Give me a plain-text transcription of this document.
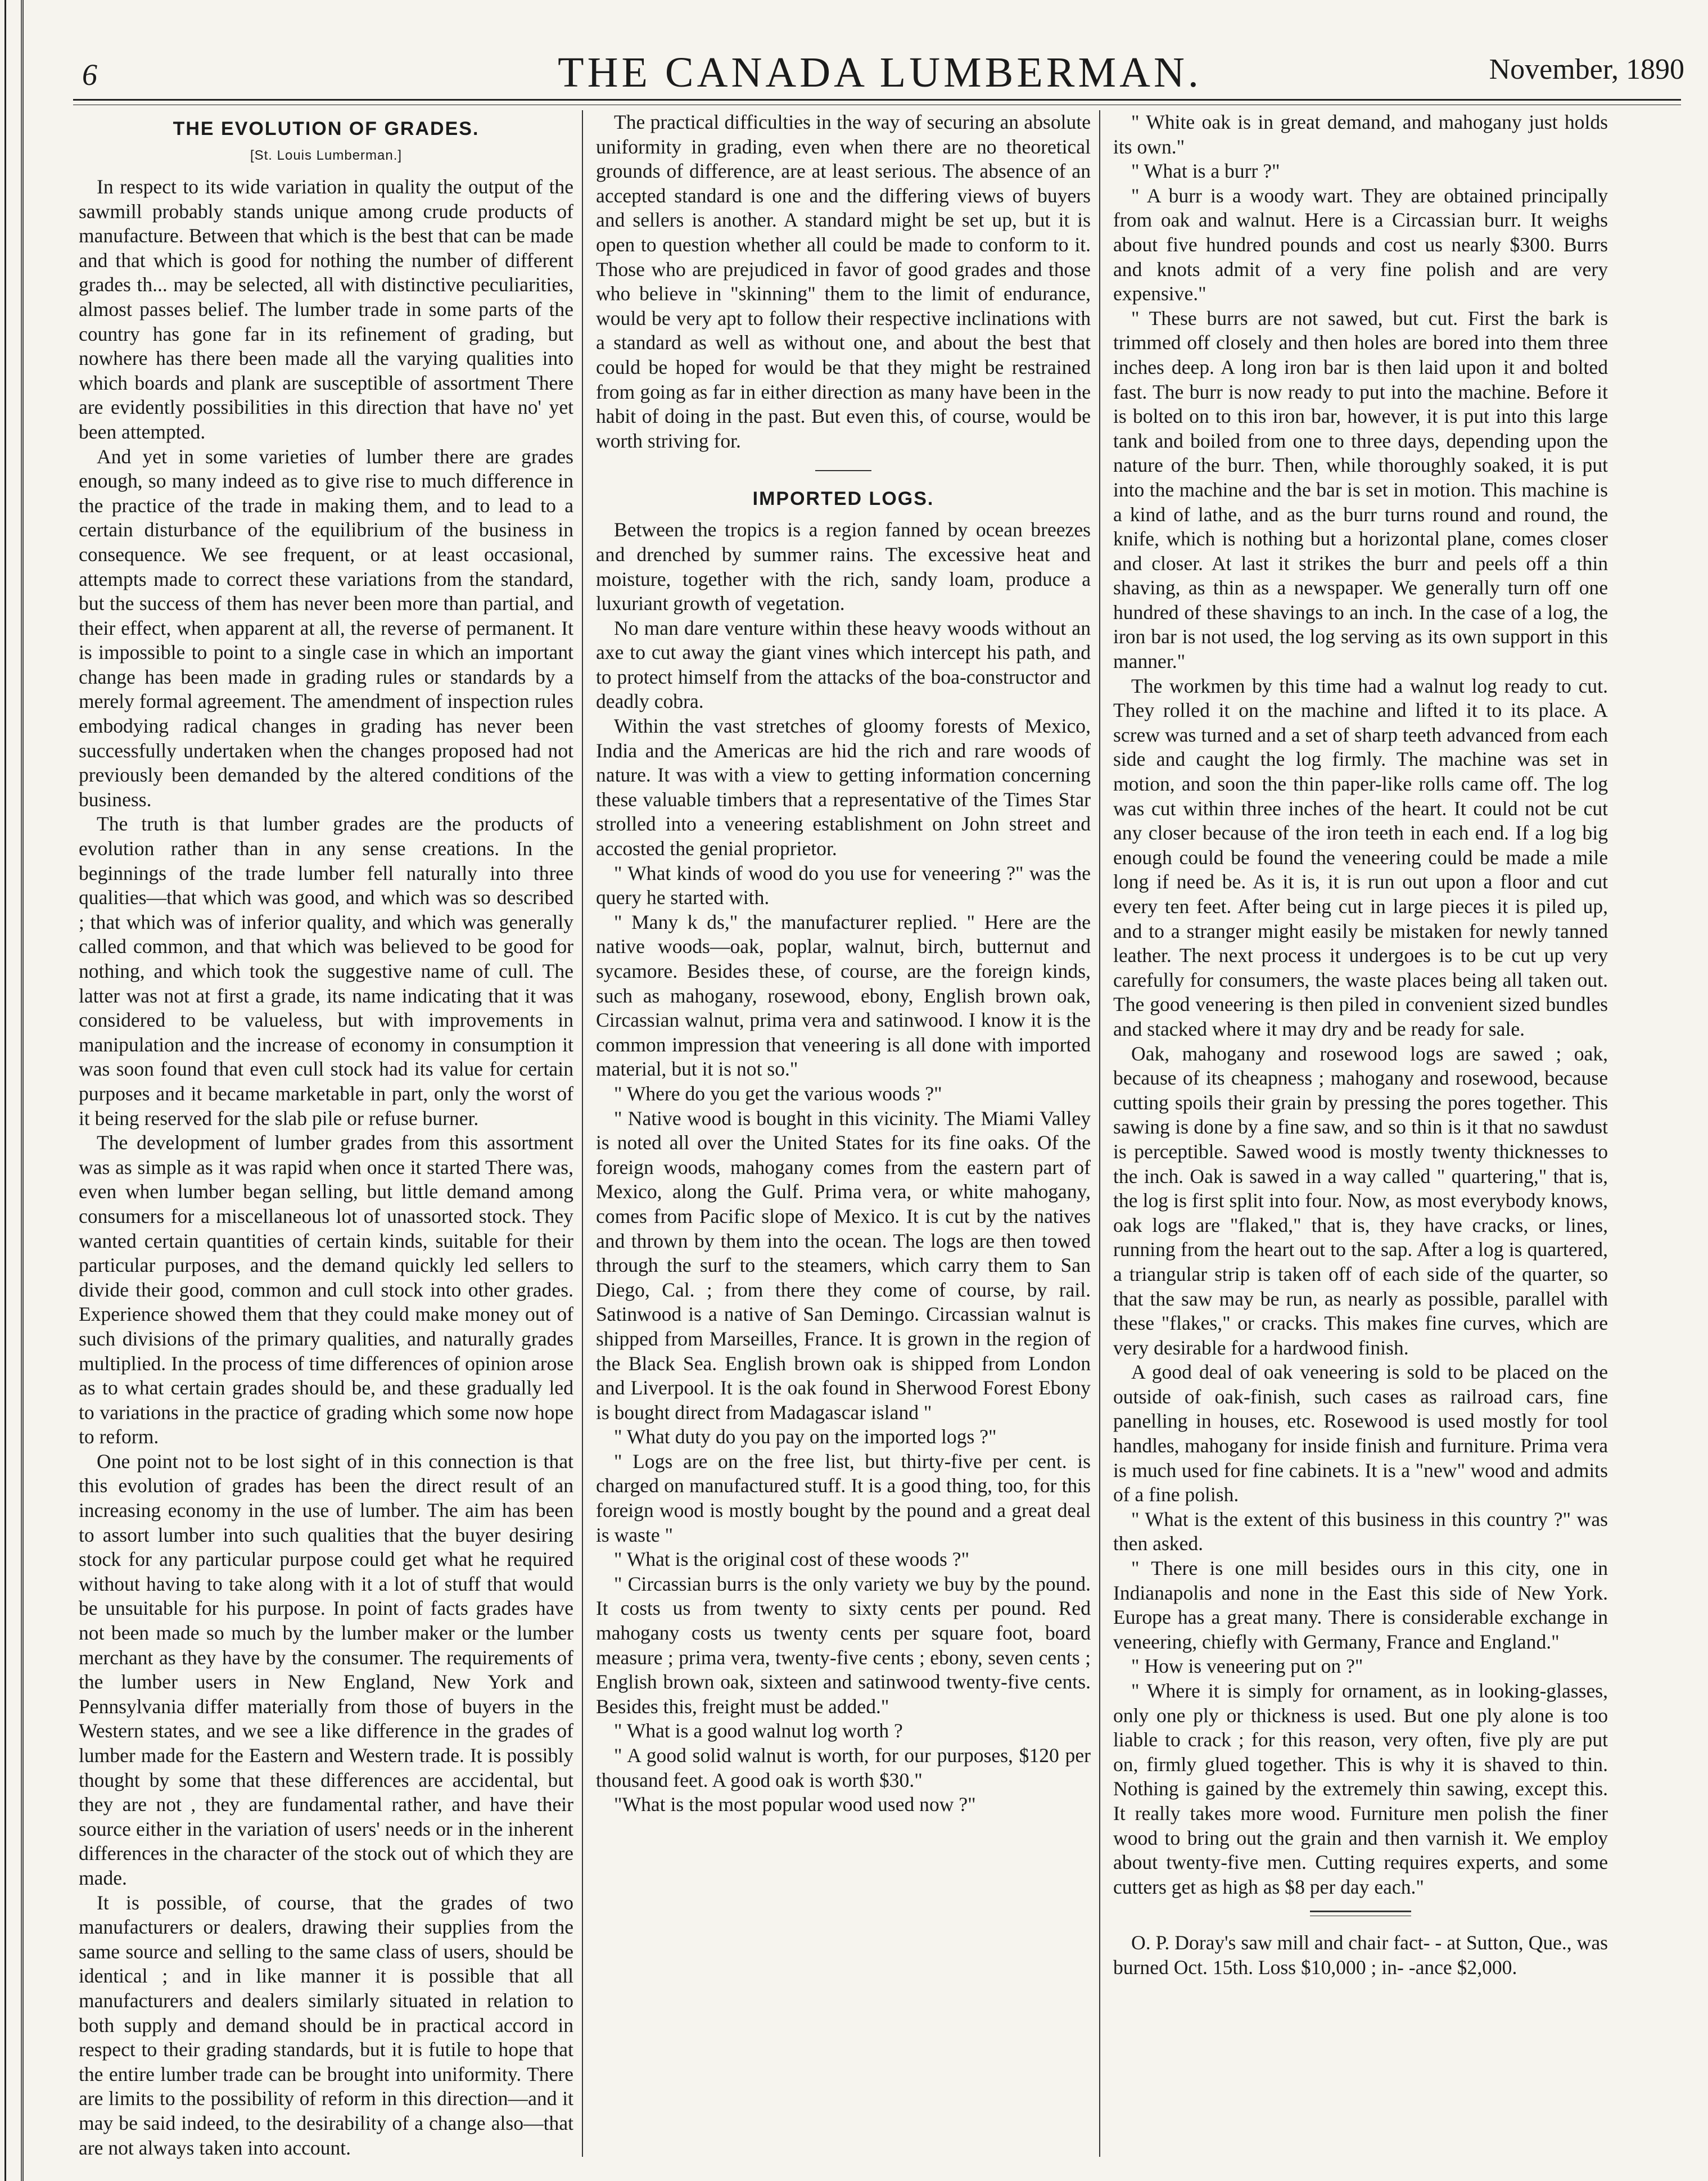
6	THE CANADA LUMBERMAN.	November, 1890
THE EVOLUTION OF GRADES.
[St. Louis Lumberman.]

In respect to its wide variation in quality the output of the sawmill probably stands unique among crude products of manufacture. Between that which is the best that can be made and that which is good for nothing the number of different grades th... may be selected, all with distinctive peculiarities, almost passes belief. The lumber trade in some parts of the country has gone far in its refinement of grading, but nowhere has there been made all the varying qualities into which boards and plank are susceptible of assortment There are evidently possibilities in this direction that have no' yet been attempted.

And yet in some varieties of lumber there are grades enough, so many indeed as to give rise to much difference in the practice of the trade in making them, and to lead to a certain disturbance of the equilibrium of the business in consequence. We see frequent, or at least occasional, attempts made to correct these variations from the standard, but the success of them has never been more than partial, and their effect, when apparent at all, the reverse of permanent. It is impossible to point to a single case in which an important change has been made in grading rules or standards by a merely formal agreement. The amendment of inspection rules embodying radical changes in grading has never been successfully undertaken when the changes proposed had not previously been demanded by the altered conditions of the business.

The truth is that lumber grades are the products of evolution rather than in any sense creations. In the beginnings of the trade lumber fell naturally into three qualities—that which was good, and which was so described ; that which was of inferior quality, and which was generally called common, and that which was believed to be good for nothing, and which took the suggestive name of cull. The latter was not at first a grade, its name indicating that it was considered to be valueless, but with improvements in manipulation and the increase of economy in consumption it was soon found that even cull stock had its value for certain purposes and it became marketable in part, only the worst of it being reserved for the slab pile or refuse burner.

The development of lumber grades from this assortment was as simple as it was rapid when once it started There was, even when lumber began selling, but little demand among consumers for a miscellaneous lot of unassorted stock. They wanted certain quantities of certain kinds, suitable for their particular purposes, and the demand quickly led sellers to divide their good, common and cull stock into other grades. Experience showed them that they could make money out of such divisions of the primary qualities, and naturally grades multiplied. In the process of time differences of opinion arose as to what certain grades should be, and these gradually led to variations in the practice of grading which some now hope to reform.

One point not to be lost sight of in this connection is that this evolution of grades has been the direct result of an increasing economy in the use of lumber. The aim has been to assort lumber into such qualities that the buyer desiring stock for any particular purpose could get what he required without having to take along with it a lot of stuff that would be unsuitable for his purpose. In point of facts grades have not been made so much by the lumber maker or the lumber merchant as they have by the consumer. The requirements of the lumber users in New England, New York and Pennsylvania differ materially from those of buyers in the Western states, and we see a like difference in the grades of lumber made for the Eastern and Western trade. It is possibly thought by some that these differences are accidental, but they are not , they are fundamental rather, and have their source either in the variation of users' needs or in the inherent differences in the character of the stock out of which they are made.

It is possible, of course, that the grades of two manufacturers or dealers, drawing their supplies from the same source and selling to the same class of users, should be identical ; and in like manner it is possible that all manufacturers and dealers similarly situated in relation to both supply and demand should be in practical accord in respect to their grading standards, but it is futile to hope that the entire lumber trade can be brought into uniformity. There are limits to the possibility of reform in this direction—and it may be said indeed, to the desirability of a change also—that are not always taken into account.

The practical difficulties in the way of securing an absolute uniformity in grading, even when there are no theoretical grounds of difference, are at least serious. The absence of an accepted standard is one and the differing views of buyers and sellers is another. A standard might be set up, but it is open to question whether all could be made to conform to it. Those who are prejudiced in favor of good grades and those who believe in "skinning" them to the limit of endurance, would be very apt to follow their respective inclinations with a standard as well as without one, and about the best that could be hoped for would be that they might be restrained from going as far in either direction as many have been in the habit of doing in the past. But even this, of course, would be worth striving for.

IMPORTED LOGS.

Between the tropics is a region fanned by ocean breezes and drenched by summer rains. The excessive heat and moisture, together with the rich, sandy loam, produce a luxuriant growth of vegetation.

No man dare venture within these heavy woods without an axe to cut away the giant vines which intercept his path, and to protect himself from the attacks of the boa-constructor and deadly cobra.

Within the vast stretches of gloomy forests of Mexico, India and the Americas are hid the rich and rare woods of nature. It was with a view to getting information concerning these valuable timbers that a representative of the Times Star strolled into a veneering establishment on John street and accosted the genial proprietor.

" What kinds of wood do you use for veneering ?" was the query he started with.

" Many k ds," the manufacturer replied. " Here are the native woods—oak, poplar, walnut, birch, butternut and sycamore. Besides these, of course, are the foreign kinds, such as mahogany, rosewood, ebony, English brown oak, Circassian walnut, prima vera and satinwood. I know it is the common impression that veneering is all done with imported material, but it is not so."

" Where do you get the various woods ?"

" Native wood is bought in this vicinity. The Miami Valley is noted all over the United States for its fine oaks. Of the foreign woods, mahogany comes from the eastern part of Mexico, along the Gulf. Prima vera, or white mahogany, comes from Pacific slope of Mexico. It is cut by the natives and thrown by them into the ocean. The logs are then towed through the surf to the steamers, which carry them to San Diego, Cal. ; from there they come of course, by rail. Satinwood is a native of San Demingo. Circassian walnut is shipped from Marseilles, France. It is grown in the region of the Black Sea. English brown oak is shipped from London and Liverpool. It is the oak found in Sherwood Forest Ebony is bought direct from Madagascar island "

" What duty do you pay on the imported logs ?"

" Logs are on the free list, but thirty-five per cent. is charged on manufactured stuff. It is a good thing, too, for this foreign wood is mostly bought by the pound and a great deal is waste "

" What is the original cost of these woods ?"

" Circassian burrs is the only variety we buy by the pound. It costs us from twenty to sixty cents per pound. Red mahogany costs us twenty cents per square foot, board measure ; prima vera, twenty-five cents ; ebony, seven cents ; English brown oak, sixteen and satinwood twenty-five cents. Besides this, freight must be added."

" What is a good walnut log worth ?

" A good solid walnut is worth, for our purposes, $120 per thousand feet. A good oak is worth $30."

"What is the most popular wood used now ?"

" White oak is in great demand, and mahogany just holds its own."

" What is a burr ?"

" A burr is a woody wart. They are obtained principally from oak and walnut. Here is a Circassian burr. It weighs about five hundred pounds and cost us nearly $300. Burrs and knots admit of a very fine polish and are very expensive."

" These burrs are not sawed, but cut. First the bark is trimmed off closely and then holes are bored into them three inches deep. A long iron bar is then laid upon it and bolted fast. The burr is now ready to put into the machine. Before it is bolted on to this iron bar, however, it is put into this large tank and boiled from one to three days, depending upon the nature of the burr. Then, while thoroughly soaked, it is put into the machine and the bar is set in motion. This machine is a kind of lathe, and as the burr turns round and round, the knife, which is nothing but a horizontal plane, comes closer and closer. At last it strikes the burr and peels off a thin shaving, as thin as a newspaper. We generally turn off one hundred of these shavings to an inch. In the case of a log, the iron bar is not used, the log serving as its own support in this manner."

The workmen by this time had a walnut log ready to cut. They rolled it on the machine and lifted it to its place. A screw was turned and a set of sharp teeth advanced from each side and caught the log firmly. The machine was set in motion, and soon the thin paper-like rolls came off. The log was cut within three inches of the heart. It could not be cut any closer because of the iron teeth in each end. If a log big enough could be found the veneering could be made a mile long if need be. As it is, it is run out upon a floor and cut every ten feet. After being cut in large pieces it is piled up, and to a stranger might easily be mistaken for newly tanned leather. The next process it undergoes is to be cut up very carefully for consumers, the waste places being all taken out. The good veneering is then piled in convenient sized bundles and stacked where it may dry and be ready for sale.

Oak, mahogany and rosewood logs are sawed ; oak, because of its cheapness ; mahogany and rosewood, because cutting spoils their grain by pressing the pores together. This sawing is done by a fine saw, and so thin is it that no sawdust is perceptible. Sawed wood is mostly twenty thicknesses to the inch. Oak is sawed in a way called " quartering," that is, the log is first split into four. Now, as most everybody knows, oak logs are "flaked," that is, they have cracks, or lines, running from the heart out to the sap. After a log is quartered, a triangular strip is taken off of each side of the quarter, so that the saw may be run, as nearly as possible, parallel with these "flakes," or cracks. This makes fine curves, which are very desirable for a hardwood finish.

A good deal of oak veneering is sold to be placed on the outside of oak-finish, such cases as railroad cars, fine panelling in houses, etc. Rosewood is used mostly for tool handles, mahogany for inside finish and furniture. Prima vera is much used for fine cabinets. It is a "new" wood and admits of a fine polish.

" What is the extent of this business in this country ?" was then asked.

" There is one mill besides ours in this city, one in Indianapolis and none in the East this side of New York. Europe has a great many. There is considerable exchange in veneering, chiefly with Germany, France and England."

" How is veneering put on ?"

" Where it is simply for ornament, as in looking-glasses, only one ply or thickness is used. But one ply alone is too liable to crack ; for this reason, very often, five ply are put on, firmly glued together. This is why it is shaved to thin. Nothing is gained by the extremely thin sawing, except this. It really takes more wood. Furniture men polish the finer wood to bring out the grain and then varnish it. We employ about twenty-five men. Cutting requires experts, and some cutters get as high as $8 per day each."

O. P. Doray's saw mill and chair fact- - at Sutton, Que., was burned Oct. 15th. Loss $10,000 ; in- -ance $2,000.
